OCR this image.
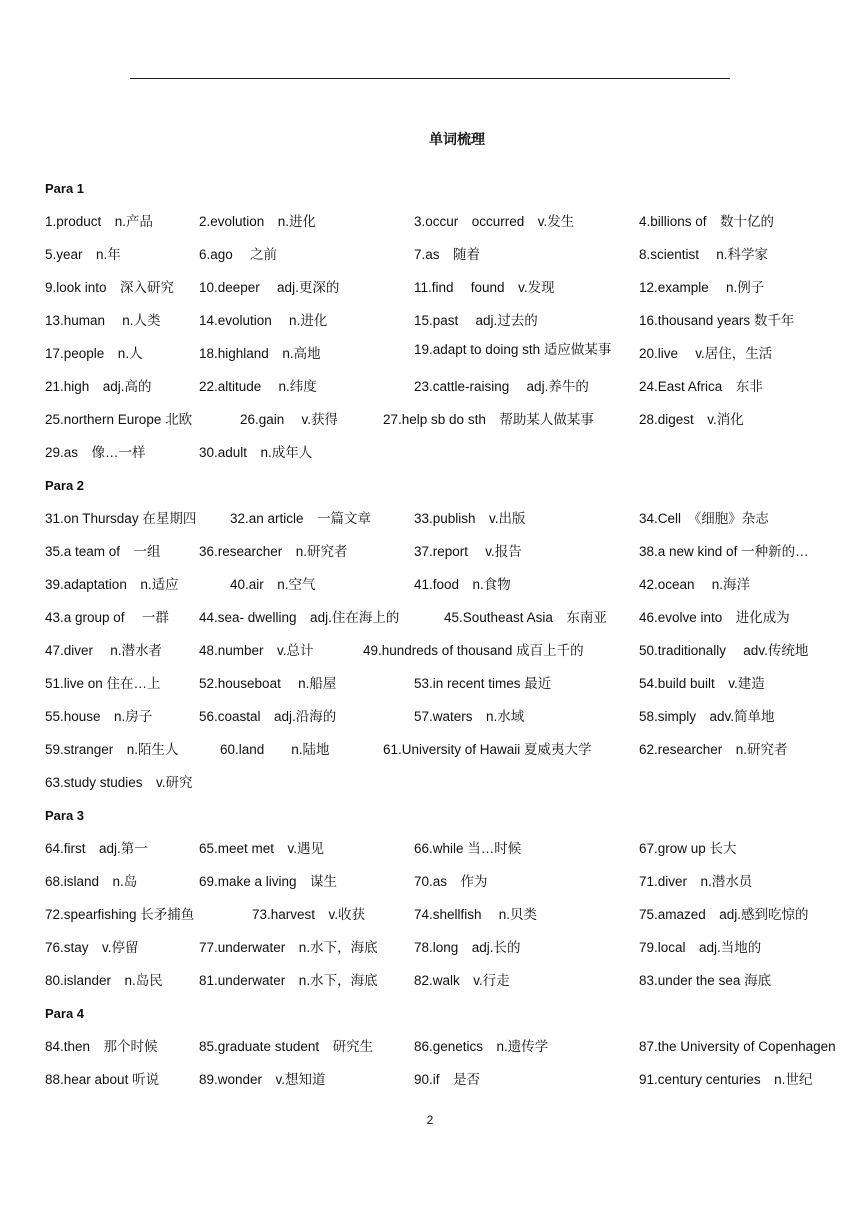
单词梳理
Para 1
1.product　n.产品	2.evolution　n.进化	3.occur　occurred　v.发生	4.billions of　数十亿的
5.year　n.年	6.ago　 之前	7.as　随着	8.scientist　 n.科学家
9.look into　深入研究 10.deeper　 adj.更深的	11.find　 found　v.发现	12.example　 n.例子
13.human　 n.人类	14.evolution　 n.进化	15.past　 adj.过去的	16.thousand years 数千年
17.people　n.人	18.highland　n.高地	19.adapt to doing sth 适应做某事	20.live　 v.居住，生活
21.high　adj.高的	22.altitude　 n.纬度	23.cattle-raising　 adj.养牛的	24.East Africa　东非
25.northern Europe 北欧	26.gain　 v.获得	27.help sb do sth　帮助某人做某事	28.digest　v.消化
29.as　像…一样	30.adult　n.成年人
Para 2
31.on Thursday 在星期四 32.an article　一篇文章	33.publish　v.出版	34.Cell　《细胞》杂志
35.a team of　一组	36.researcher　n.研究者	37.report　 v.报告	38.a new kind of 一种新的…
39.adaptation　n.适应	40.air　n.空气	41.food　n.食物	42.ocean　 n.海洋
43.a group of　 一群 44.sea- dwelling　adj.住在海上的	45.Southeast Asia　东南亚 46.evolve into　进化成为
47.diver　 n.潜水者	48.number　v.总计	49.hundreds of thousand 成百上千的	50.traditionally　 adv.传统地
51.live on 住在…上	52.houseboat　 n.船屋	53.in recent times 最近	54.build built　v.建造
55.house　n.房子	56.coastal　adj.沿海的	57.waters　n.水域	58.simply　adv.简单地
59.stranger　n.陌生人	60.land　　n.陆地	61.University of Hawaii 夏威夷大学	62.researcher　n.研究者
63.study studies　v.研究
Para 3
64.first　adj.第一	65.meet met　v.遇见	66.while 当…时候	67.grow up 长大
68.island　n.岛	69.make a living　谋生	70.as　作为	71.diver　n.潜水员
72.spearfishing 长矛捕鱼	73.harvest　v.收获	74.shellfish　 n.贝类	75.amazed　adj.感到吃惊的
76.stay　v.停留	77.underwater　n.水下，海底	78.long　adj.长的	79.local　adj.当地的
80.islander　n.岛民	81.underwater　n.水下，海底	82.walk　v.行走	83.under the sea 海底
Para 4
84.then　那个时候	85.graduate student　研究生	86.genetics　n.遗传学	87.the University of Copenhagen
88.hear about 听说	89.wonder　v.想知道	90.if　是否	91.century centuries　n.世纪
2
